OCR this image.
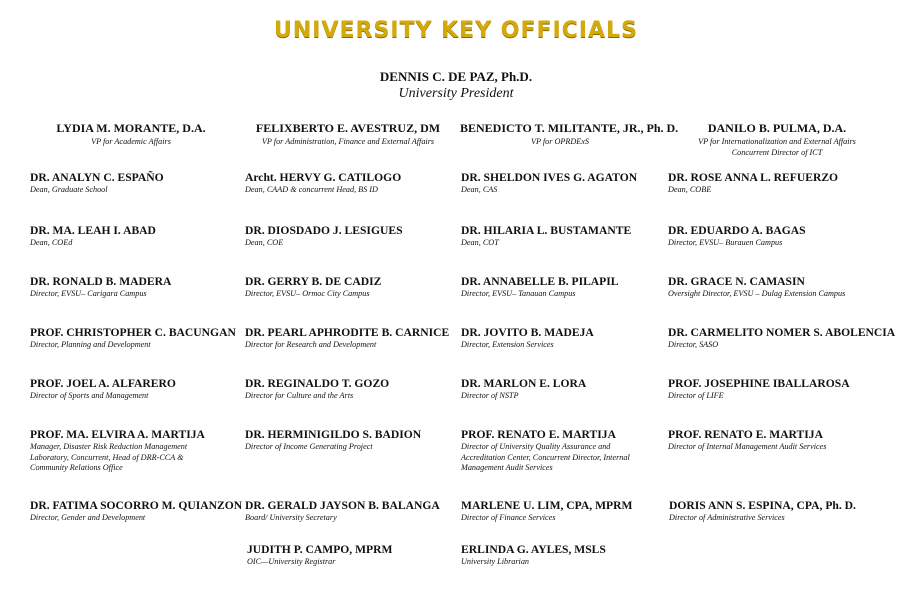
UNIVERSITY KEY OFFICIALS
DENNIS C. DE PAZ, Ph.D.
University President
LYDIA M. MORANTE, D.A.
VP for Academic Affairs
FELIXBERTO E. AVESTRUZ, DM
VP for Administration, Finance and External Affairs
BENEDICTO T. MILITANTE, JR., Ph. D.
VP for OPRDExS
DANILO B. PULMA, D.A.
VP for Internationalization and External Affairs
Concurrent Director of ICT
DR. ANALYN C. ESPAÑO
Dean, Graduate School
DR. MA. LEAH I. ABAD
Dean, COEd
DR. RONALD B. MADERA
Director, EVSU– Carigara Campus
PROF. CHRISTOPHER C. BACUNGAN
Director, Planning and Development
PROF. JOEL A. ALFARERO
Director of Sports and Management
PROF. MA. ELVIRA A. MARTIJA
Manager, Disaster Risk Reduction Management Laboratory, Concurrent, Head of DRR-CCA & Community Relations Office
DR. FATIMA SOCORRO M. QUIANZON
Director, Gender and Development
Archt. HERVY G. CATILOGO
Dean, CAAD & concurrent Head, BS ID
DR. DIOSDADO J. LESIGUES
Dean, COE
DR. GERRY B. DE CADIZ
Director, EVSU– Ormoc City Campus
DR. PEARL APHRODITE B. CARNICE
Director for Research and Development
DR. REGINALDO T. GOZO
Director for Culture and the Arts
DR. HERMINIGILDO S. BADION
Director of Income Generating Project
DR. GERALD JAYSON B. BALANGA
Board/ University Secretary
JUDITH P. CAMPO, MPRM
OIC—University Registrar
DR. SHELDON IVES G. AGATON
Dean, CAS
DR. HILARIA L. BUSTAMANTE
Dean, COT
DR. ANNABELLE B. PILAPIL
Director, EVSU– Tanauan Campus
DR. JOVITO B. MADEJA
Director, Extension Services
DR. MARLON E. LORA
Director of NSTP
PROF. RENATO E. MARTIJA
Director of University Quality Assurance and Accreditation Center, Concurrent Director, Internal Management Audit Services
MARLENE U. LIM, CPA, MPRM
Director of Finance Services
ERLINDA G. AYLES, MSLS
University Librarian
DR. ROSE ANNA L. REFUERZO
Dean, COBE
DR. EDUARDO A. BAGAS
Director, EVSU– Burauen Campus
DR. GRACE N. CAMASIN
Oversight Director, EVSU – Dulag Extension Campus
DR. CARMELITO NOMER S. ABOLENCIA
Director, SASO
PROF. JOSEPHINE IBALLAROSA
Director of LIFE
PROF. RENATO E. MARTIJA
Director of Internal Management Audit Services
DORIS ANN S. ESPINA, CPA, Ph. D.
Director of Administrative Services
